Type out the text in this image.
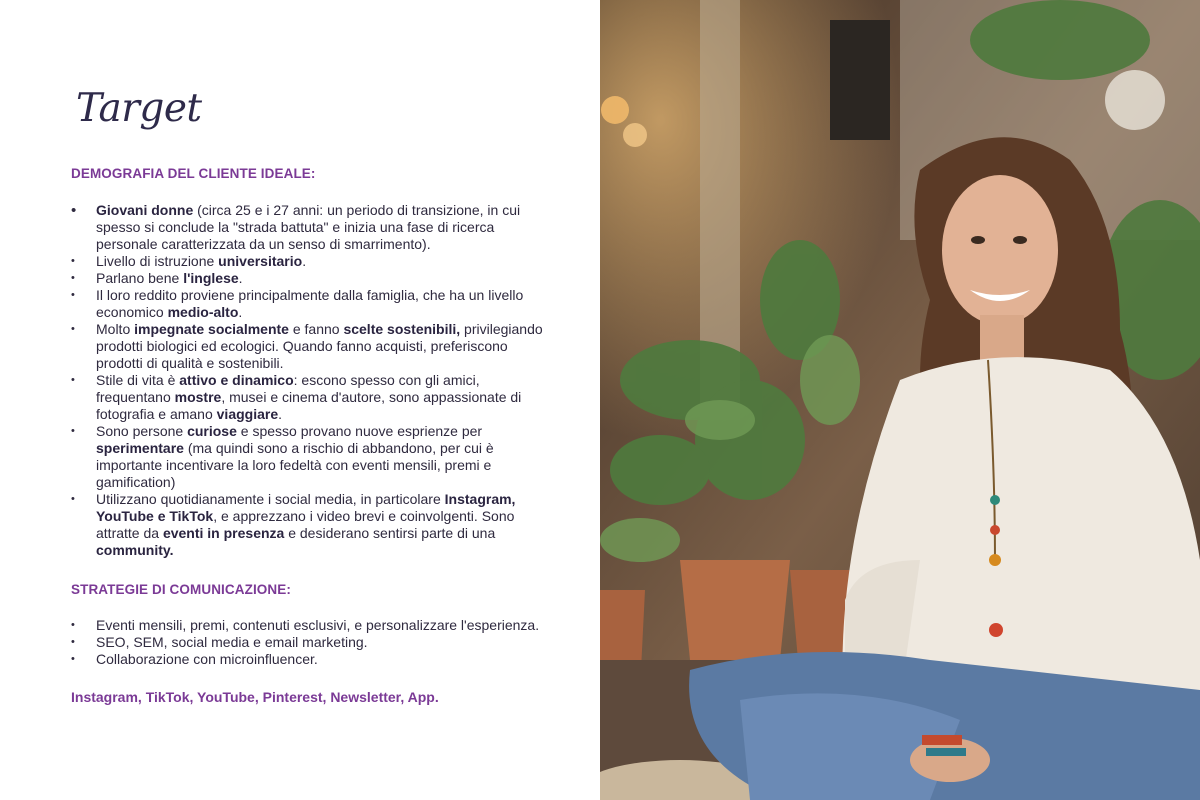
Target

DEMOGRAFIA DEL CLIENTE IDEALE:

• Giovani donne (circa 25 e i 27 anni: un periodo di transizione, in cui spesso si conclude la "strada battuta" e inizia una fase di ricerca personale caratterizzata da un senso di smarrimento).
• Livello di istruzione universitario.
• Parlano bene l'inglese.
• Il loro reddito proviene principalmente dalla famiglia, che ha un livello economico medio-alto.
• Molto impegnate socialmente e fanno scelte sostenibili, privilegiando prodotti biologici ed ecologici. Quando fanno acquisti, preferiscono prodotti di qualità e sostenibili.
• Stile di vita è attivo e dinamico: escono spesso con gli amici, frequentano mostre, musei e cinema d'autore, sono appassionate di fotografia e amano viaggiare.
• Sono persone curiose e spesso provano nuove esprienze per sperimentare (ma quindi sono a rischio di abbandono, per cui è importante incentivare la loro fedeltà con eventi mensili, premi e gamification)
• Utilizzano quotidianamente i social media, in particolare Instagram, YouTube e TikTok, e apprezzano i video brevi e coinvolgenti. Sono attratte da eventi in presenza e desiderano sentirsi parte di una community.

STRATEGIE DI COMUNICAZIONE:

• Eventi mensili, premi, contenuti esclusivi, e personalizzare l'esperienza.
• SEO, SEM, social media e email marketing.
• Collaborazione con microinfluencer.
Instagram, TikTok, YouTube, Pinterest, Newsletter, App.
